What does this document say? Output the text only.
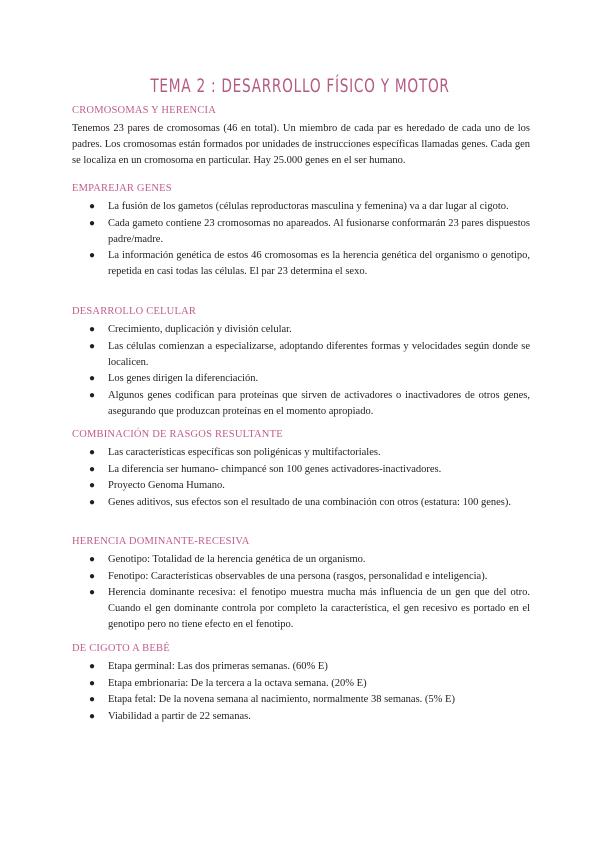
TEMA 2 : DESARROLLO FÍSICO Y MOTOR
CROMOSOMAS Y HERENCIA

Tenemos 23 pares de cromosomas (46 en total). Un miembro de cada par es heredado de cada uno de los padres. Los cromosomas están formados por unidades de instrucciones específicas llamadas genes. Cada gen se localiza en un cromosoma en particular. Hay 25.000 genes en el ser humano.

EMPAREJAR GENES
● La fusión de los gametos (células reproductoras masculina y femenina) va a dar lugar al cigoto.
● Cada gameto contiene 23 cromosomas no apareados. Al fusionarse conformarán 23 pares dispuestos padre/madre.
● La información genética de estos 46 cromosomas es la herencia genética del organismo o genotipo, repetida en casi todas las células. El par 23 determina el sexo.
DESARROLLO CELULAR
● Crecimiento, duplicación y división celular.
● Las células comienzan a especializarse, adoptando diferentes formas y velocidades según donde se localicen.
● Los genes dirigen la diferenciación.
● Algunos genes codifican para proteínas que sirven de activadores o inactivadores de otros genes, asegurando que produzcan proteínas en el momento apropiado.
COMBINACIÓN DE RASGOS RESULTANTE
● Las características específicas son poligénicas y multifactoriales.
● La diferencia ser humano- chimpancé son 100 genes activadores-inactivadores.
● Proyecto Genoma Humano.
● Genes aditivos, sus efectos son el resultado de una combinación con otros (estatura: 100 genes).
HERENCIA DOMINANTE-RECESIVA
● Genotipo: Totalidad de la herencia genética de un organismo.
● Fenotipo: Características observables de una persona (rasgos, personalidad e inteligencia).
● Herencia dominante recesiva: el fenotipo muestra mucha más influencia de un gen que del otro. Cuando el gen dominante controla por completo la característica, el gen recesivo es portado en el genotipo pero no tiene efecto en el fenotipo.
DE CIGOTO A BEBÉ
● Etapa germinal: Las dos primeras semanas. (60% E)
● Etapa embrionaria: De la tercera a la octava semana. (20% E)
● Etapa fetal: De la novena semana al nacimiento, normalmente 38 semanas. (5% E)
● Viabilidad a partir de 22 semanas.
